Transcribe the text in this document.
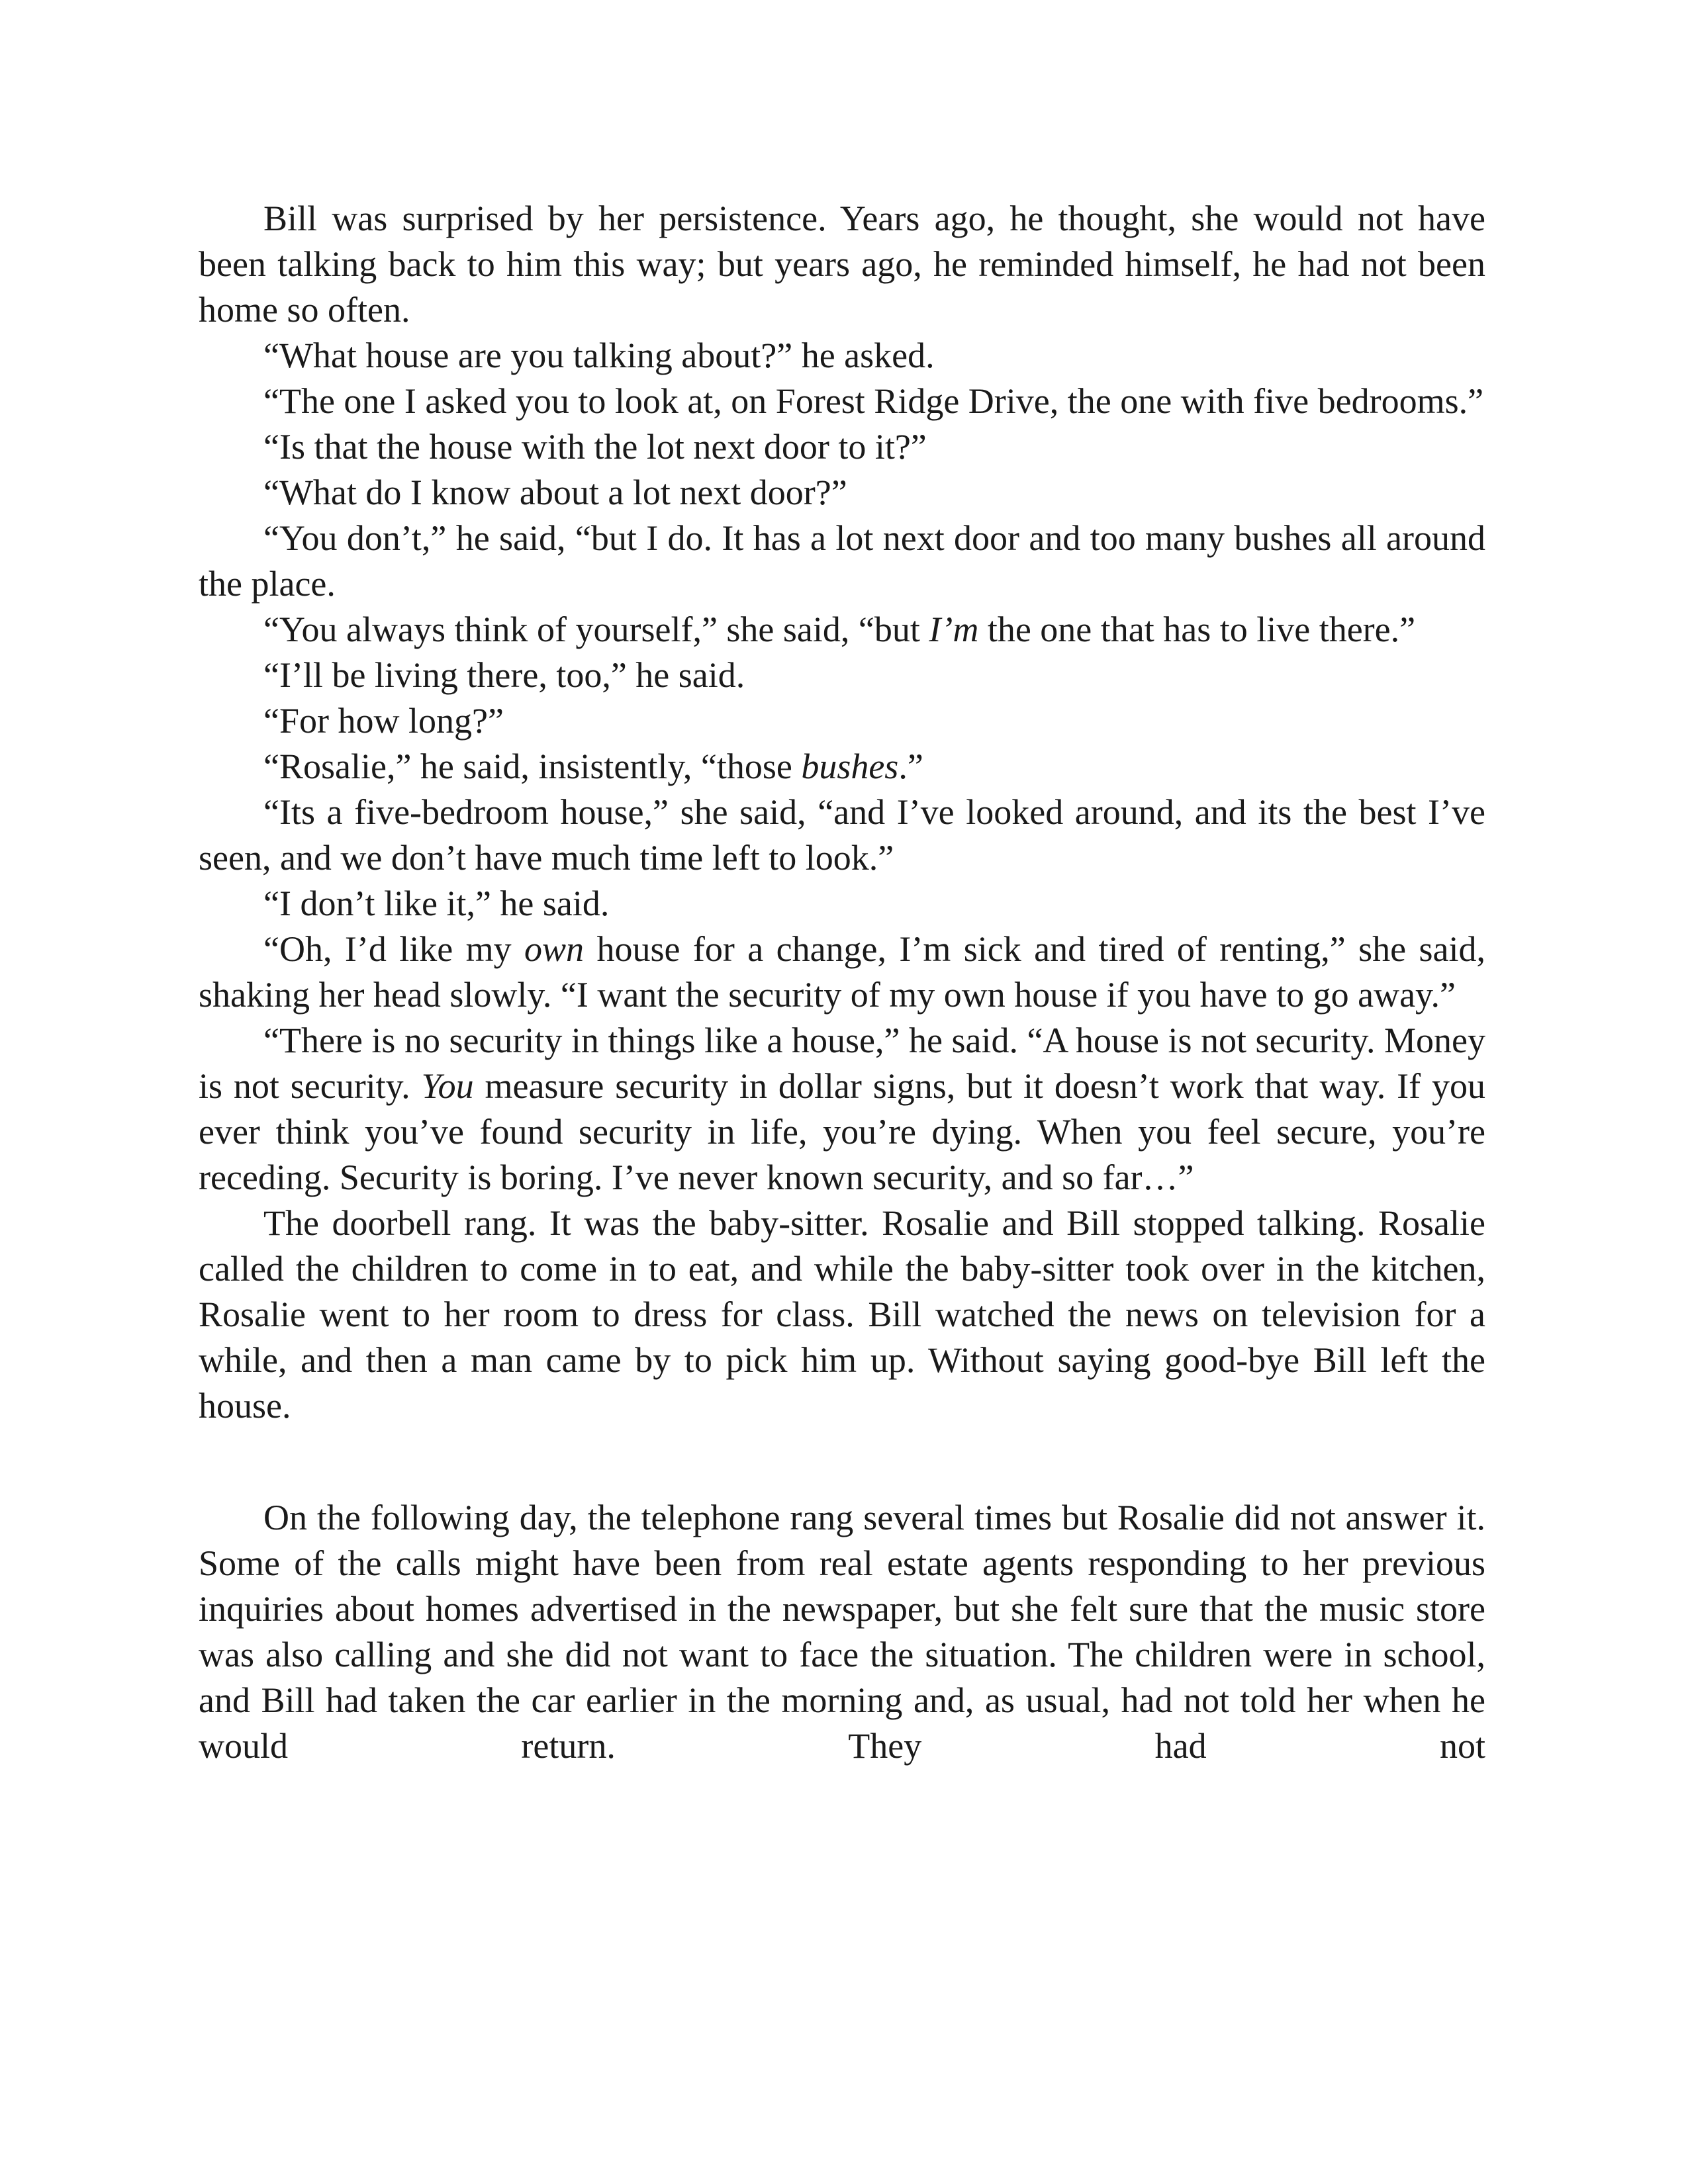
Bill was surprised by her persistence. Years ago, he thought, she would not have been talking back to him this way; but years ago, he reminded himself, he had not been home so often.

“What house are you talking about?” he asked.

“The one I asked you to look at, on Forest Ridge Drive, the one with five bedrooms.”

“Is that the house with the lot next door to it?”

“What do I know about a lot next door?”

“You don’t,” he said, “but I do. It has a lot next door and too many bushes all around the place.

“You always think of yourself,” she said, “but I’m the one that has to live there.”

“I’ll be living there, too,” he said.

“For how long?”

“Rosalie,” he said, insistently, “those bushes.”

“Its a five-bedroom house,” she said, “and I’ve looked around, and its the best I’ve seen, and we don’t have much time left to look.”

“I don’t like it,” he said.

“Oh, I’d like my own house for a change, I’m sick and tired of renting,” she said, shaking her head slowly. “I want the security of my own house if you have to go away.”

“There is no security in things like a house,” he said. “A house is not security. Money is not security. You measure security in dollar signs, but it doesn’t work that way. If you ever think you’ve found security in life, you’re dying. When you feel secure, you’re receding. Security is boring. I’ve never known security, and so far…”

The doorbell rang. It was the baby-sitter. Rosalie and Bill stopped talking. Rosalie called the children to come in to eat, and while the baby-sitter took over in the kitchen, Rosalie went to her room to dress for class. Bill watched the news on television for a while, and then a man came by to pick him up. Without saying good-bye Bill left the house.

On the following day, the telephone rang several times but Rosalie did not answer it. Some of the calls might have been from real estate agents responding to her previous inquiries about homes advertised in the newspaper, but she felt sure that the music store was also calling and she did not want to face the situation. The children were in school, and Bill had taken the car earlier in the morning and, as usual, had not told her when he would return. They had not
